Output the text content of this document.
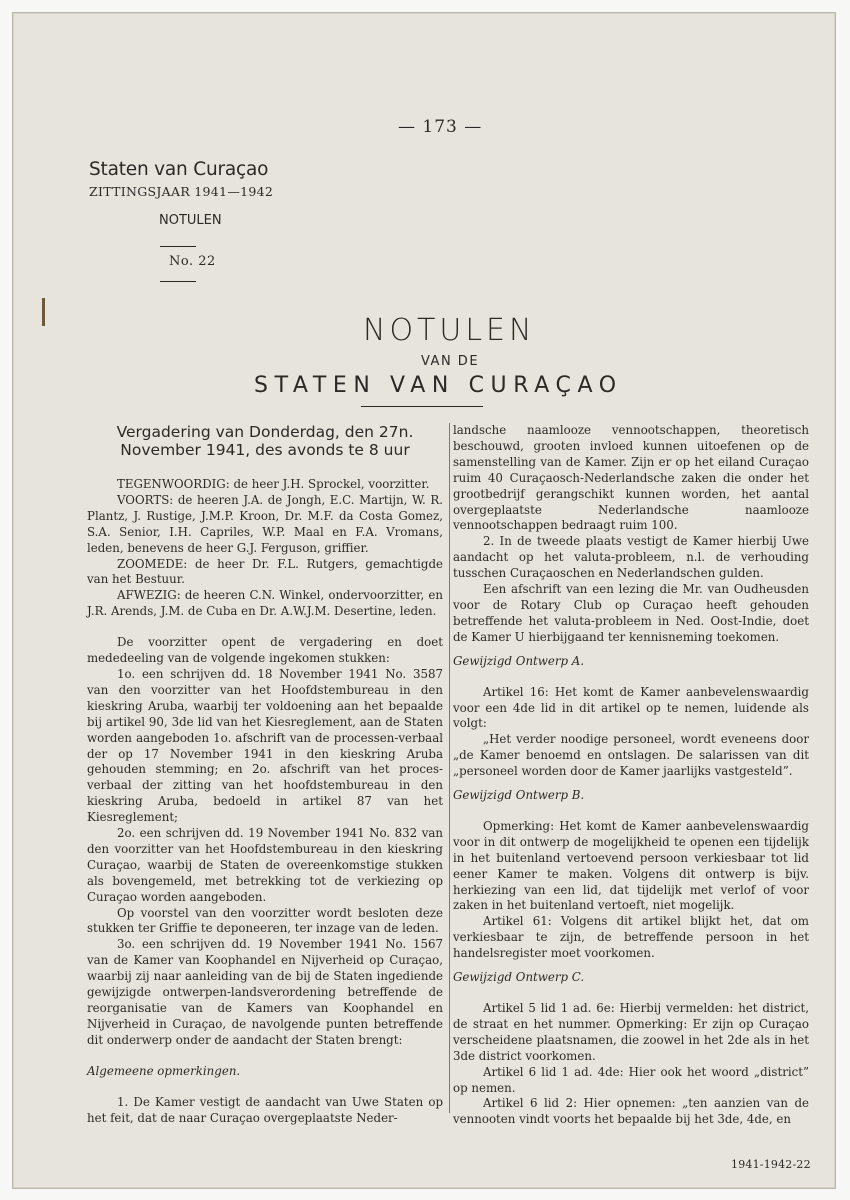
— 173 —
Staten van Curaçao
ZITTINGSJAAR 1941—1942
NOTULEN
No. 22
NOTULEN
VAN DE
STATEN VAN CURAÇAO

Vergadering van Donderdag, den 27n. November 1941, des avonds te 8 uur

TEGENWOORDIG: de heer J.H. Sprockel, voorzitter.

VOORTS: de heeren J.A. de Jongh, E.C. Martijn, W. R. Plantz, J. Rustige, J.M.P. Kroon, Dr. M.F. da Costa Gomez, S.A. Senior, I.H. Capriles, W.P. Maal en F.A. Vromans, leden, benevens de heer G.J. Ferguson, griffier.

ZOOMEDE: de heer Dr. F.L. Rutgers, gemachtigde van het Bestuur.

AFWEZIG: de heeren C.N. Winkel, ondervoorzitter, en J.R. Arends, J.M. de Cuba en Dr. A.W.J.M. Desertine, leden.

De voorzitter opent de vergadering en doet mededeeling van de volgende ingekomen stukken:

1o. een schrijven dd. 18 November 1941 No. 3587 van den voorzitter van het Hoofdstembureau in den kieskring Aruba, waarbij ter voldoening aan het bepaalde bij artikel 90, 3de lid van het Kiesreglement, aan de Staten worden aangeboden 1o. afschrift van de processen-verbaal der op 17 November 1941 in den kieskring Aruba gehouden stemming; en 2o. afschrift van het proces-verbaal der zitting van het hoofdstembureau in den kieskring Aruba, bedoeld in artikel 87 van het Kiesreglement;

2o. een schrijven dd. 19 November 1941 No. 832 van den voorzitter van het Hoofdstembureau in den kieskring Curaçao, waarbij de Staten de overeenkomstige stukken als bovengemeld, met betrekking tot de verkiezing op Curaçao worden aangeboden.

Op voorstel van den voorzitter wordt besloten deze stukken ter Griffie te deponeeren, ter inzage van de leden.

3o. een schrijven dd. 19 November 1941 No. 1567 van de Kamer van Koophandel en Nijverheid op Curaçao, waarbij zij naar aanleiding van de bij de Staten ingediende gewijzigde ontwerpen-landsverordening betreffende de reorganisatie van de Kamers van Koophandel en Nijverheid in Curaçao, de navolgende punten betreffende dit onderwerp onder de aandacht der Staten brengt:

Algemeene opmerkingen.

1. De Kamer vestigt de aandacht van Uwe Staten op het feit, dat de naar Curaçao overgeplaatste Neder-

landsche naamlooze vennootschappen, theoretisch beschouwd, grooten invloed kunnen uitoefenen op de samenstelling van de Kamer. Zijn er op het eiland Curaçao ruim 40 Curaçaosch-Nederlandsche zaken die onder het grootbedrijf gerangschikt kunnen worden, het aantal overgeplaatste Nederlandsche naamlooze vennootschappen bedraagt ruim 100.

2. In de tweede plaats vestigt de Kamer hierbij Uwe aandacht op het valuta-probleem, n.l. de verhouding tusschen Curaçaoschen en Nederlandschen gulden.

Een afschrift van een lezing die Mr. van Oudheusden voor de Rotary Club op Curaçao heeft gehouden betreffende het valuta-probleem in Ned. Oost-Indie, doet de Kamer U hierbijgaand ter kennisneming toekomen.

Gewijzigd Ontwerp A.

Artikel 16: Het komt de Kamer aanbevelenswaardig voor een 4de lid in dit artikel op te nemen, luidende als volgt:

„Het verder noodige personeel, wordt eveneens door „de Kamer benoemd en ontslagen. De salarissen van dit „personeel worden door de Kamer jaarlijks vastgesteld”.

Gewijzigd Ontwerp B.

Opmerking: Het komt de Kamer aanbevelenswaardig voor in dit ontwerp de mogelijkheid te openen een tijdelijk in het buitenland vertoevend persoon verkiesbaar tot lid eener Kamer te maken. Volgens dit ontwerp is bijv. herkiezing van een lid, dat tijdelijk met verlof of voor zaken in het buitenland vertoeft, niet mogelijk.

Artikel 61: Volgens dit artikel blijkt het, dat om verkiesbaar te zijn, de betreffende persoon in het handelsregister moet voorkomen.

Gewijzigd Ontwerp C.

Artikel 5 lid 1 ad. 6e: Hierbij vermelden: het district, de straat en het nummer. Opmerking: Er zijn op Curaçao verscheidene plaatsnamen, die zoowel in het 2de als in het 3de district voorkomen.

Artikel 6 lid 1 ad. 4de: Hier ook het woord „district” op nemen.

Artikel 6 lid 2: Hier opnemen: „ten aanzien van de vennooten vindt voorts het bepaalde bij het 3de, 4de, en

1941-1942-22
